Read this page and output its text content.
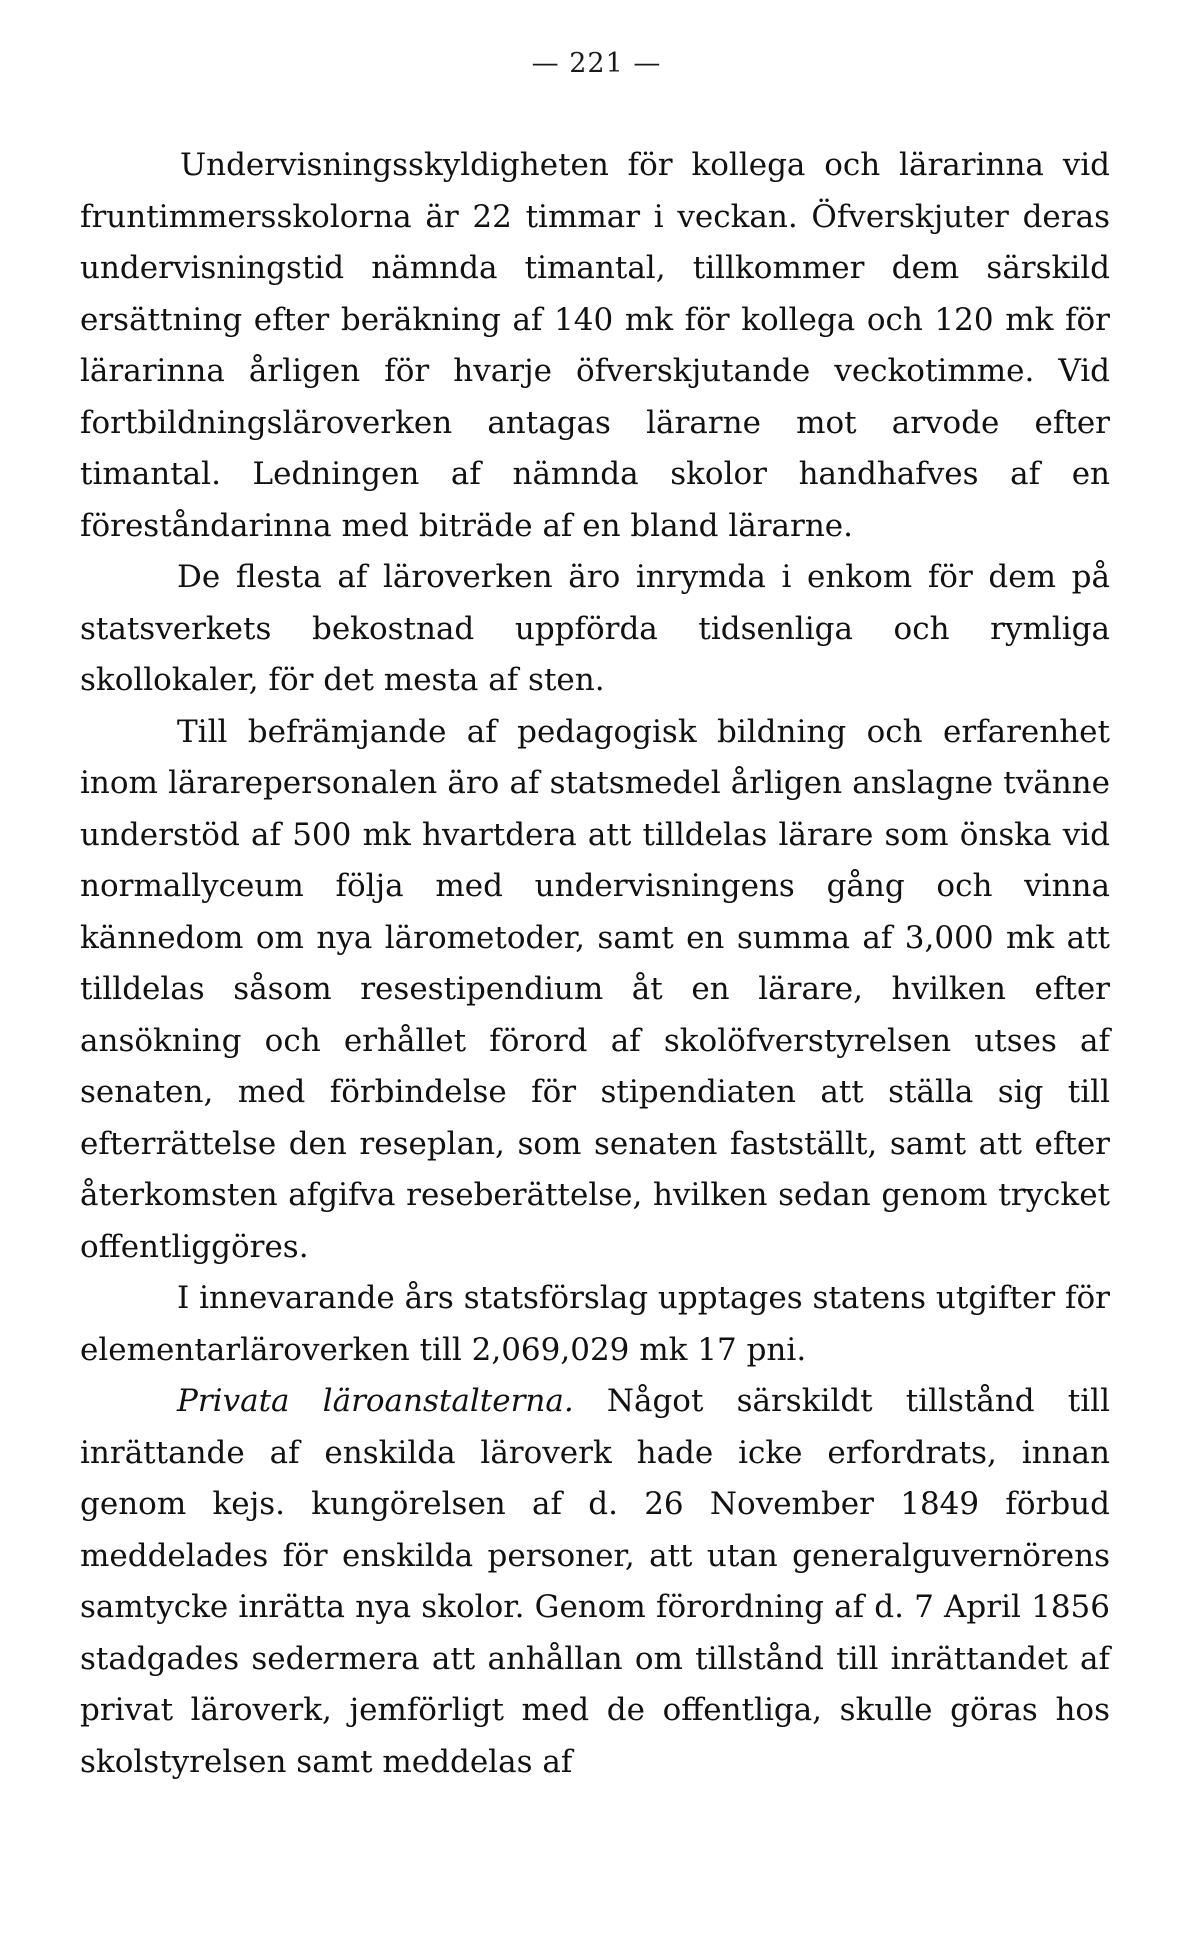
— 221 —

Undervisningsskyldigheten för kollega och lärarinna vid fruntimmersskolorna är 22 timmar i veckan. Öfverskjuter deras undervisningstid nämnda timantal, tillkommer dem särskild ersättning efter beräkning af 140 mk för kollega och 120 mk för lärarinna årligen för hvarje öfverskjutande veckotimme. Vid fortbildningsläroverken antagas lärarne mot arvode efter timantal. Ledningen af nämnda skolor handhafves af en föreståndarinna med biträde af en bland lärarne.

De flesta af läroverken äro inrymda i enkom för dem på statsverkets bekostnad uppförda tidsenliga och rymliga skollokaler, för det mesta af sten.

Till befrämjande af pedagogisk bildning och erfarenhet inom lärarepersonalen äro af statsmedel årligen anslagne tvänne understöd af 500 mk hvartdera att tilldelas lärare som önska vid normallyceum följa med undervisningens gång och vinna kännedom om nya lärometoder, samt en summa af 3,000 mk att tilldelas såsom resestipendium åt en lärare, hvilken efter ansökning och erhållet förord af skolöfverstyrelsen utses af senaten, med förbindelse för stipendiaten att ställa sig till efterrättelse den reseplan, som senaten fastställt, samt att efter återkomsten afgifva reseberättelse, hvilken sedan genom trycket offentliggöres.

I innevarande års statsförslag upptages statens utgifter för elementarläroverken till 2,069,029 mk 17 pni.

Privata läroanstalterna. Något särskildt tillstånd till inrättande af enskilda läroverk hade icke erfordrats, innan genom kejs. kungörelsen af d. 26 November 1849 förbud meddelades för enskilda personer, att utan generalguvernörens samtycke inrätta nya skolor. Genom förordning af d. 7 April 1856 stadgades sedermera att anhållan om tillstånd till inrättandet af privat läroverk, jemförligt med de offentliga, skulle göras hos skolstyrelsen samt meddelas af
